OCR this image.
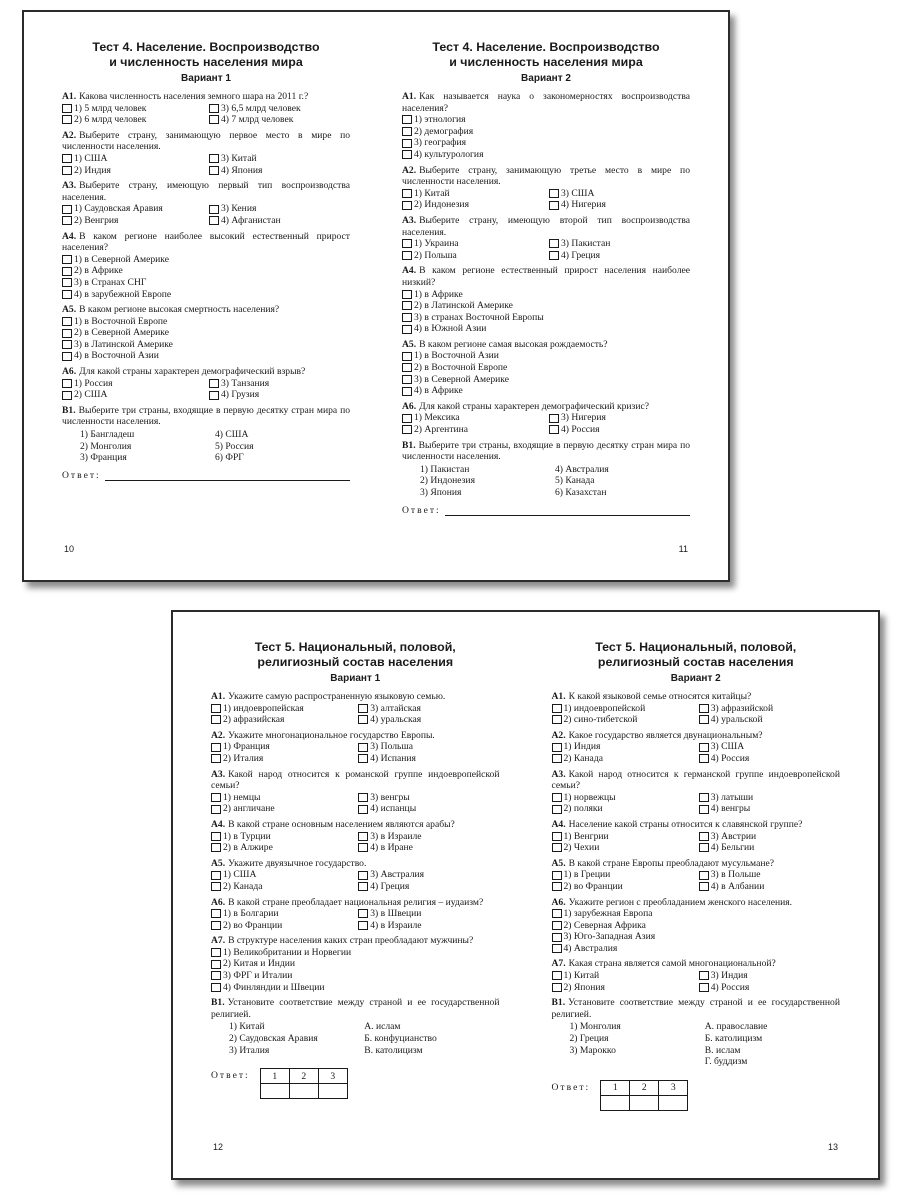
Тест 4. Население. Воспроизводство
и численность населения мира
Вариант 1
А1. Какова численность населения земного шара на 2011 г.?
1) 5 млрд человек	3) 6,5 млрд человек
2) 6 млрд человек	4) 7 млрд человек
А2. Выберите страну, занимающую первое место в мире по численности населения.
1) США	3) Китай
2) Индия	4) Япония
А3. Выберите страну, имеющую первый тип воспроизводства населения.
1) Саудовская Аравия	3) Кения
2) Венгрия	4) Афганистан
А4. В каком регионе наиболее высокий естественный прирост населения?
1) в Северной Америке
2) в Африке
3) в Странах СНГ
4) в зарубежной Европе
А5. В каком регионе высокая смертность населения?
1) в Восточной Европе
2) в Северной Америке
3) в Латинской Америке
4) в Восточной Азии
А6. Для какой страны характерен демографический взрыв?
1) Россия	3) Танзания
2) США	4) Грузия
В1. Выберите три страны, входящие в первую десятку стран мира по численности населения.
1) Бангладеш	4) США
2) Монголия	5) Россия
3) Франция	6) ФРГ
Ответ:
10
Тест 4. Население. Воспроизводство
и численность населения мира
Вариант 2
А1. Как называется наука о закономерностях воспроизводства населения?
1) этнология
2) демография
3) география
4) культурология
А2. Выберите страну, занимающую третье место в мире по численности населения.
1) Китай	3) США
2) Индонезия	4) Нигерия
А3. Выберите страну, имеющую второй тип воспроизводства населения.
1) Украина	3) Пакистан
2) Польша	4) Греция
А4. В каком регионе естественный прирост населения наиболее низкий?
1) в Африке
2) в Латинской Америке
3) в странах Восточной Европы
4) в Южной Азии
А5. В каком регионе самая высокая рождаемость?
1) в Восточной Азии
2) в Восточной Европе
3) в Северной Америке
4) в Африке
А6. Для какой страны характерен демографический кризис?
1) Мексика	3) Нигерия
2) Аргентина	4) Россия
В1. Выберите три страны, входящие в первую десятку стран мира по численности населения.
1) Пакистан	4) Австралия
2) Индонезия	5) Канада
3) Япония	6) Казахстан
Ответ:
11
Тест 5. Национальный, половой,
религиозный состав населения
Вариант 1
А1. Укажите самую распространенную языковую семью.
1) индоевропейская	3) алтайская
2) афразийская	4) уральская
А2. Укажите многонациональное государство Европы.
1) Франция	3) Польша
2) Италия	4) Испания
А3. Какой народ относится к романской группе индоевропейской семьи?
1) немцы	3) венгры
2) англичане	4) испанцы
А4. В какой стране основным населением являются арабы?
1) в Турции	3) в Израиле
2) в Алжире	4) в Иране
А5. Укажите двуязычное государство.
1) США	3) Австралия
2) Канада	4) Греция
А6. В какой стране преобладает национальная религия – иудаизм?
1) в Болгарии	3) в Швеции
2) во Франции	4) в Израиле
А7. В структуре населения каких стран преобладают мужчины?
1) Великобритании и Норвегии
2) Китая и Индии
3) ФРГ и Италии
4) Финляндии и Швеции
В1. Установите соответствие между страной и ее государственной религией.
1) Китай	А. ислам
2) Саудовская Аравия	Б. конфуцианство
3) Италия	В. католицизм
Ответ: 1	2	3

12
Тест 5. Национальный, половой,
религиозный состав населения
Вариант 2
А1. К какой языковой семье относятся китайцы?
1) индоевропейской	3) афразийской
2) сино-тибетской	4) уральской
А2. Какое государство является двунациональным?
1) Индия	3) США
2) Канада	4) Россия
А3. Какой народ относится к германской группе индоевропейской семьи?
1) норвежцы	3) латыши
2) поляки	4) венгры
А4. Население какой страны относится к славянской группе?
1) Венгрии	3) Австрии
2) Чехии	4) Бельгии
А5. В какой стране Европы преобладают мусульмане?
1) в Греции	3) в Польше
2) во Франции	4) в Албании
А6. Укажите регион с преобладанием женского населения.
1) зарубежная Европа
2) Северная Африка
3) Юго-Западная Азия
4) Австралия
А7. Какая страна является самой многонациональной?
1) Китай	3) Индия
2) Япония	4) Россия
В1. Установите соответствие между страной и ее государственной религией.
1) Монголия	А. православие
2) Греция	Б. католицизм
3) Марокко	В. ислам
Г. буддизм
Ответ: 1	2	3

13
